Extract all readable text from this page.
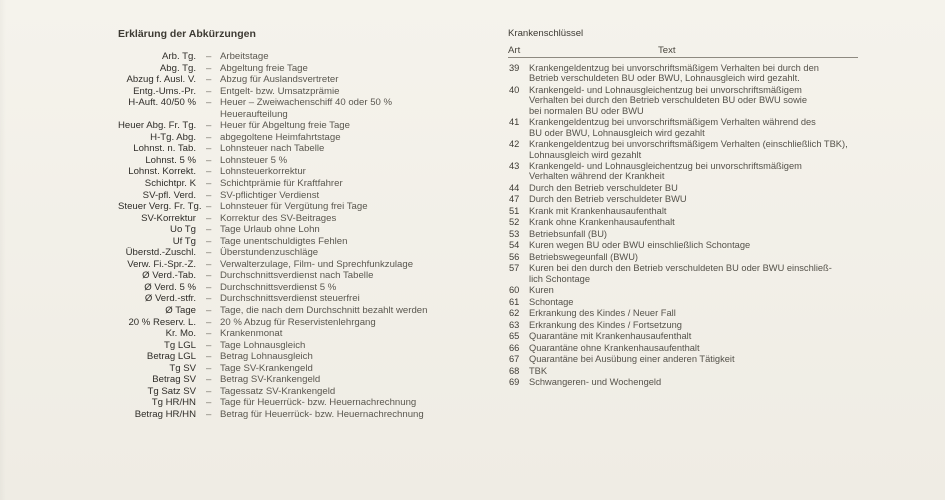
Erklärung der Abkürzungen
Arb. Tg.	– Arbeitstage
Abg. Tg.	– Abgeltung freie Tage
Abzug f. Ausl. V.	– Abzug für Auslandsvertreter
Entg.-Ums.-Pr.	– Entgelt- bzw. Umsatzprämie
H-Auft. 40/50 %	– Heuer – Zweiwachenschiff 40 oder 50 %
Heueraufteilung
Heuer Abg. Fr. Tg.	– Heuer für Abgeltung freie Tage
H-Tg. Abg.	– abgegoltene Heimfahrtstage
Lohnst. n. Tab.	– Lohnsteuer nach Tabelle
Lohnst. 5 %	– Lohnsteuer 5 %
Lohnst. Korrekt.	– Lohnsteuerkorrektur
Schichtpr. K	– Schichtprämie für Kraftfahrer
SV-pfl. Verd.	– SV-pflichtiger Verdienst
Steuer Verg. Fr. Tg. – Lohnsteuer für Vergütung frei Tage
SV-Korrektur	– Korrektur des SV-Beitrages
Uo Tg	– Tage Urlaub ohne Lohn
Uf Tg	– Tage unentschuldigtes Fehlen
Überstd.-Zuschl.	– Überstundenzuschläge
Verw. Fi.-Spr.-Z.	– Verwalterzulage, Film- und Sprechfunkzulage
Ø Verd.-Tab.	– Durchschnittsverdienst nach Tabelle
Ø Verd. 5 %	– Durchschnittsverdienst 5 %
Ø Verd.-stfr.	– Durchschnittsverdienst steuerfrei
Ø Tage	– Tage, die nach dem Durchschnitt bezahlt werden
20 % Reserv. L.	– 20 % Abzug für Reservistenlehrgang
Kr. Mo.	– Krankenmonat
Tg LGL	– Tage Lohnausgleich
Betrag LGL	– Betrag Lohnausgleich
Tg SV	– Tage SV-Krankengeld
Betrag SV	– Betrag SV-Krankengeld
Tg Satz SV	– Tagessatz SV-Krankengeld
Tg HR/HN	– Tage für Heuerrück- bzw. Heuernachrechnung
Betrag HR/HN	– Betrag für Heuerrück- bzw. Heuernachrechnung
Krankenschlüssel
Art	Text
39	Krankengeldentzug bei unvorschriftsmäßigem Verhalten bei durch den
Betrieb verschuldeten BU oder BWU, Lohnausgleich wird gezahlt.
40	Krankengeld- und Lohnausgleichentzug bei unvorschriftsmäßigem
Verhalten bei durch den Betrieb verschuldeten BU oder BWU sowie
bei normalen BU oder BWU
41	Krankengeldentzug bei unvorschriftsmäßigem Verhalten während des
BU oder BWU, Lohnausgleich wird gezahlt
42	Krankengeldentzug bei unvorschriftsmäßigem Verhalten (einschließlich TBK),
Lohnausgleich wird gezahlt
43	Krankengeld- und Lohnausgleichentzug bei unvorschriftsmäßigem
Verhalten während der Krankheit
44	Durch den Betrieb verschuldeter BU
47	Durch den Betrieb verschuldeter BWU
51	Krank mit Krankenhausaufenthalt
52	Krank ohne Krankenhausaufenthalt
53	Betriebsunfall (BU)
54	Kuren wegen BU oder BWU einschließlich Schontage
56	Betriebswegeunfall (BWU)
57	Kuren bei den durch den Betrieb verschuldeten BU oder BWU einschließ-
lich Schontage
60	Kuren
61	Schontage
62	Erkrankung des Kindes / Neuer Fall
63	Erkrankung des Kindes / Fortsetzung
65	Quarantäne mit Krankenhausaufenthalt
66	Quarantäne ohne Krankenhausaufenthalt
67	Quarantäne bei Ausübung einer anderen Tätigkeit
68	TBK
69	Schwangeren- und Wochengeld
